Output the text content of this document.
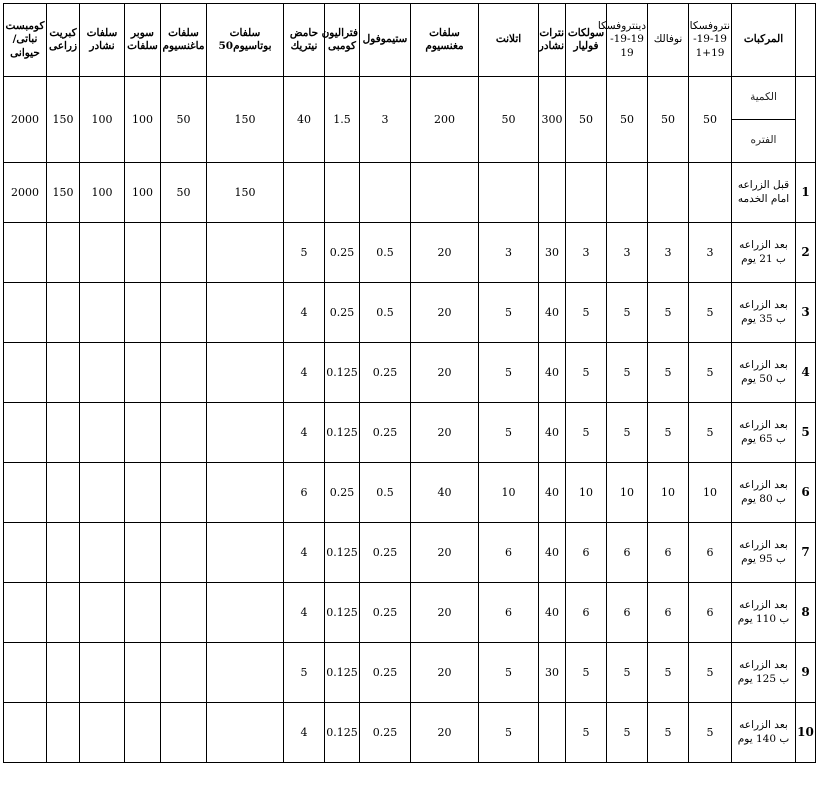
	المركبات	نتروفسكا 19-19-19+1	نوفالك	دينتروفسكا 19-19-19	سولكات فوليار	نترات نشادر	اتلانت	سلفات مغنسيوم	ستيموفول	فتراليون كومبى	حامض نيتريك	سلفات بوتاسيوم50	سلفات ماغنسيوم	سوبر سلفات	سلفات نشادر	كبريت زراعى	كومبست نباتى/ حيوانى
	الكمية	50	50	50	50	300	50	200	3	1.5	40	150	50	100	100	150	2000
	الفتره																
1	قبل الزراعه امام الخدمه											150	50	100	100	150	2000
2	بعد الزراعه ب 21 يوم	3	3	3	3	30	3	20	0.5	0.25	5						
3	بعد الزراعه ب 35 يوم	5	5	5	5	40	5	20	0.5	0.25	4						
4	بعد الزراعه ب 50 يوم	5	5	5	5	40	5	20	0.25	0.125	4						
5	بعد الزراعه ب 65 يوم	5	5	5	5	40	5	20	0.25	0.125	4						
6	بعد الزراعه ب 80 يوم	10	10	10	10	40	10	40	0.5	0.25	6						
7	بعد الزراعه ب 95 يوم	6	6	6	6	40	6	20	0.25	0.125	4						
8	بعد الزراعه ب 110 يوم	6	6	6	6	40	6	20	0.25	0.125	4						
9	بعد الزراعه ب 125 يوم	5	5	5	5	30	5	20	0.25	0.125	5						
10	بعد الزراعه ب 140 يوم	5	5	5	5		5	20	0.25	0.125	4						
